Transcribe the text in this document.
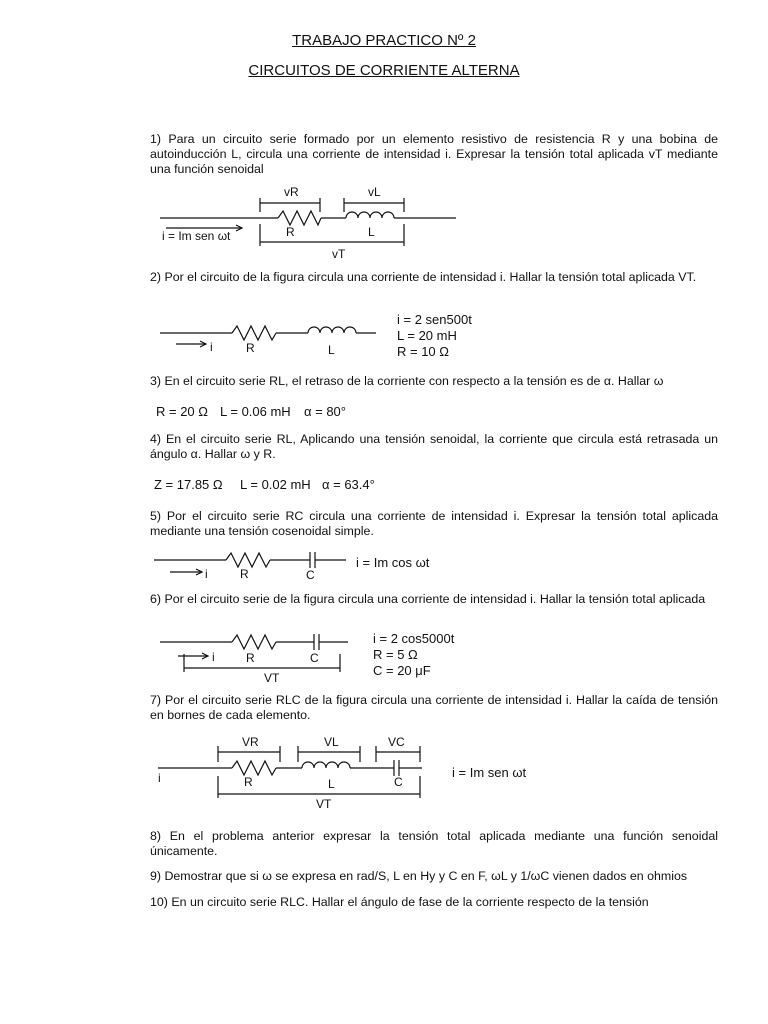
TRABAJO PRACTICO Nº 2
CIRCUITOS DE CORRIENTE ALTERNA
1) Para un circuito serie formado por un elemento resistivo de resistencia R y una bobina de autoinducción L, circula una corriente de intensidad i. Expresar la tensión total aplicada vT mediante una función senoidal
vR	vL
R	L
vT
i = Im sen ωt
2) Por el circuito de la figura circula una corriente de intensidad i. Hallar la tensión total aplicada VT.
i	R	L
i = 2 sen500t
L = 20 mH
R = 10 Ω
3) En el circuito serie RL, el retraso de la corriente con respecto a la tensión es de α. Hallar ω
R = 20 Ω L = 0.06 mH α = 80°
4) En el circuito serie RL, Aplicando una tensión senoidal, la corriente que circula está retrasada un ángulo α. Hallar ω y R.
Z = 17.85 Ω L = 0.02 mH α = 63.4°
5) Por el circuito serie RC circula una corriente de intensidad i. Expresar la tensión total aplicada mediante una tensión cosenoidal simple.
i	R	C
i = Im cos ωt
6) Por el circuito serie de la figura circula una corriente de intensidad i. Hallar la tensión total aplicada
i	R	C
VT
i = 2 cos5000t
R = 5 Ω
C = 20 μF
7) Por el circuito serie RLC de la figura circula una corriente de intensidad i. Hallar la caída de tensión en bornes de cada elemento.
VR	VL	VC
i	R	L	C
VT
i = Im sen ωt
8) En el problema anterior expresar la tensión total aplicada mediante una función senoidal únicamente.
9) Demostrar que si ω se expresa en rad/S, L en Hy y C en F, ωL y 1/ωC vienen dados en ohmios
10) En un circuito serie RLC. Hallar el ángulo de fase de la corriente respecto de la tensión
